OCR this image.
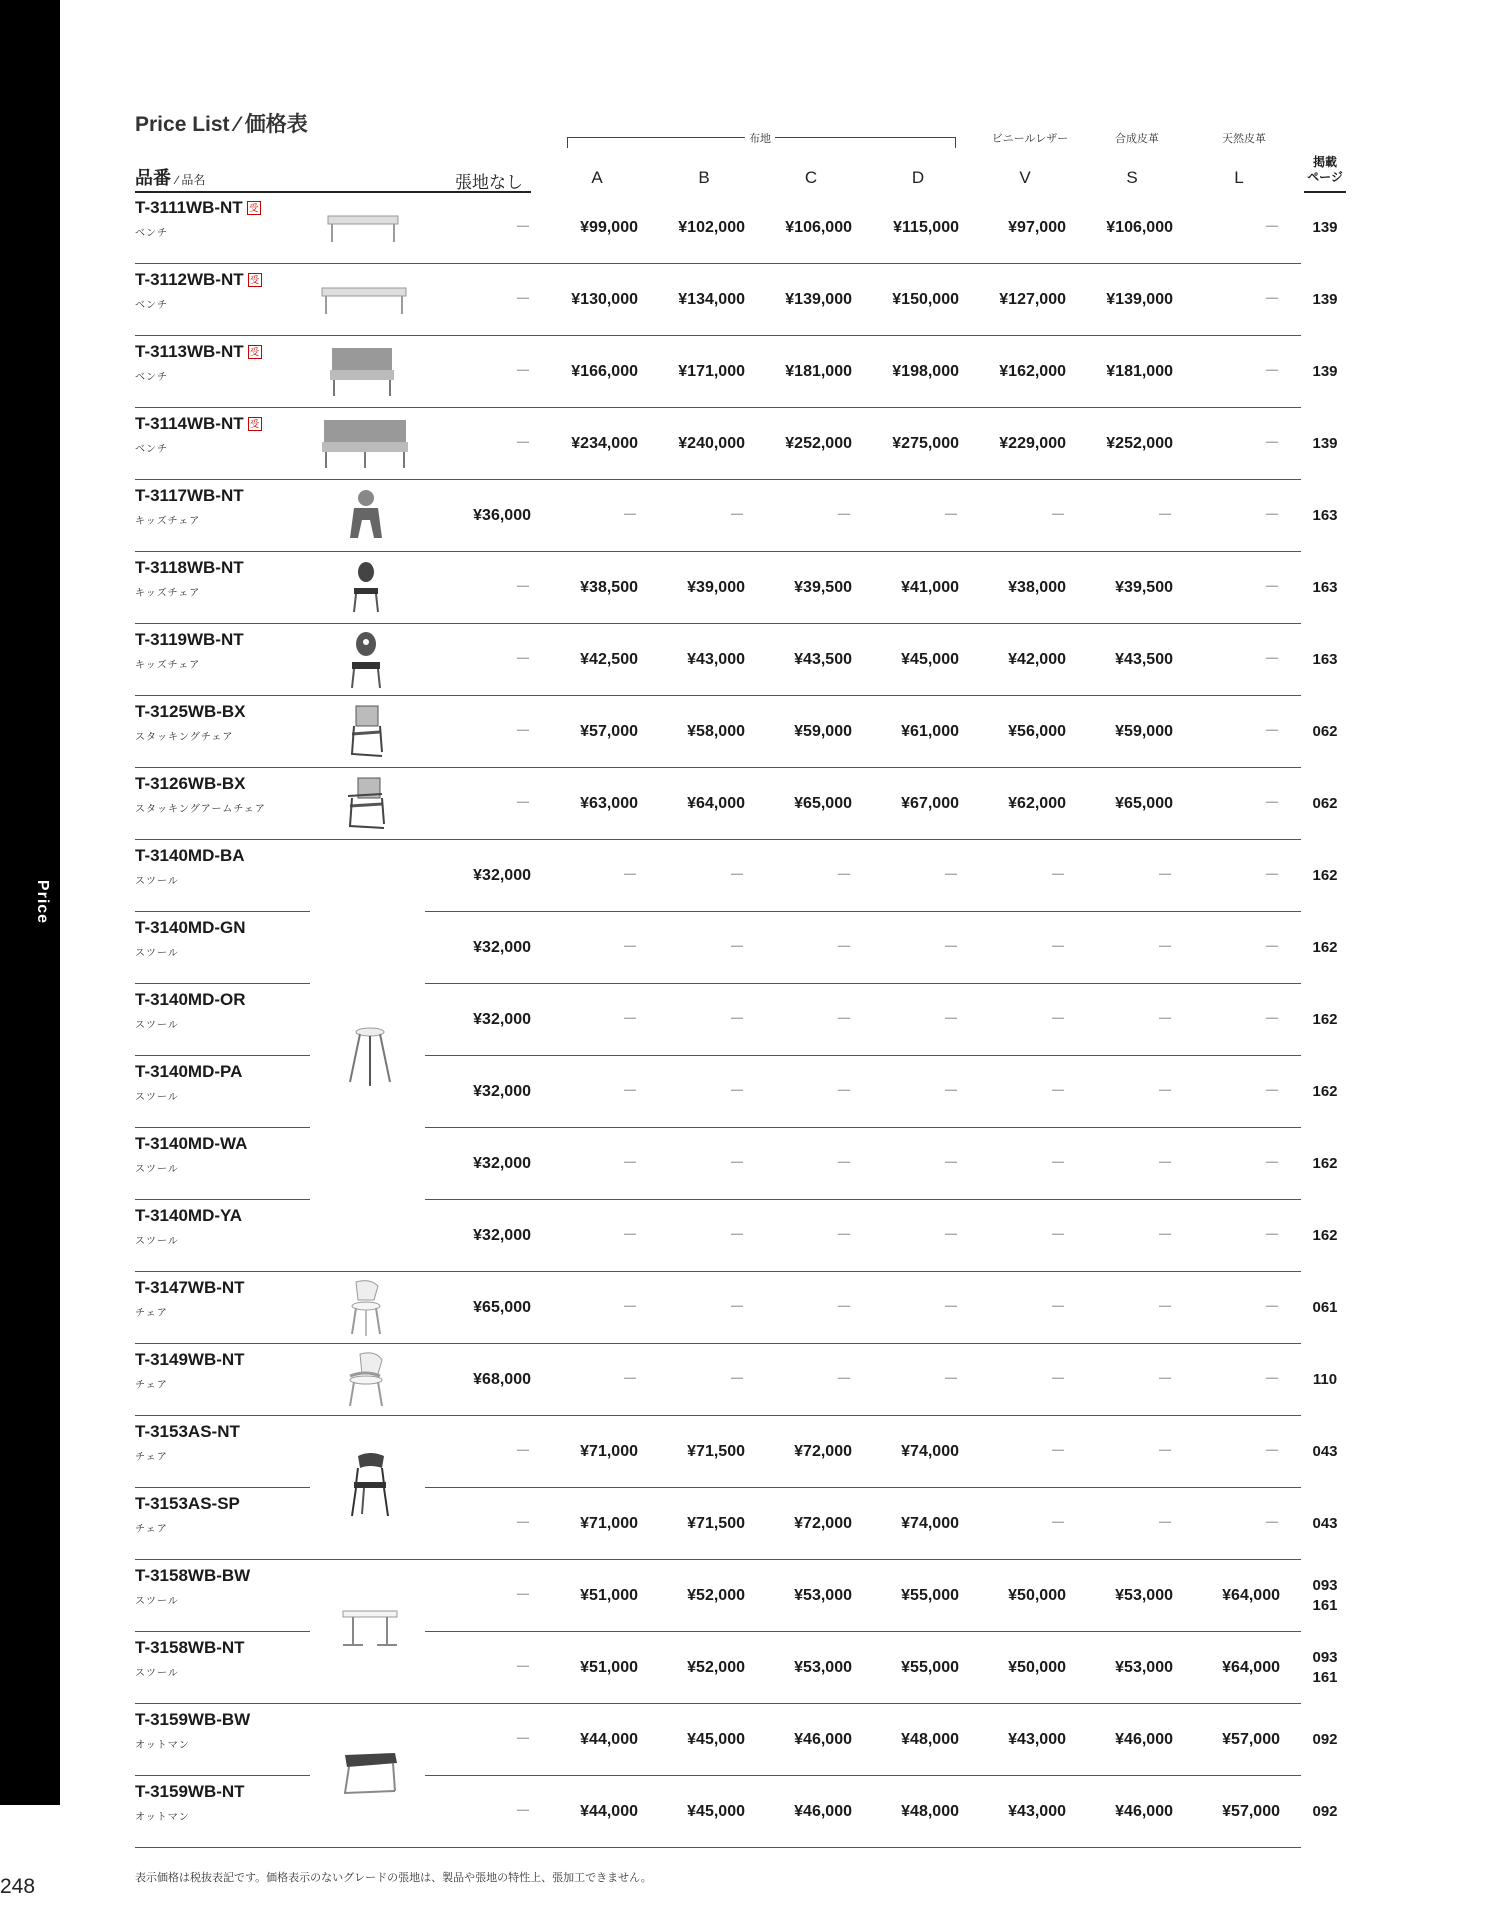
Price
248
Price List ∕ 価格表
布地	ビニールレザー	合成皮革	天然皮革
品番 ∕ 品名	張地なし	A	B	C	D	V	S	L
掲載
ページ
T-3111WB-NT 受
ベンチ	－	¥99,000	¥102,000	¥106,000	¥115,000	¥97,000	¥106,000	－	139
T-3112WB-NT 受
ベンチ	－	¥130,000	¥134,000	¥139,000	¥150,000	¥127,000	¥139,000	－	139
T-3113WB-NT 受
ベンチ	－	¥166,000	¥171,000	¥181,000	¥198,000	¥162,000	¥181,000	－	139
T-3114WB-NT 受
ベンチ	－	¥234,000	¥240,000	¥252,000	¥275,000	¥229,000	¥252,000	－	139
T-3117WB-NT
キッズチェア	¥36,000	－	－	－	－	－	－	－	163
T-3118WB-NT
キッズチェア	－	¥38,500	¥39,000	¥39,500	¥41,000	¥38,000	¥39,500	－	163
T-3119WB-NT
キッズチェア	－	¥42,500	¥43,000	¥43,500	¥45,000	¥42,000	¥43,500	－	163
T-3125WB-BX
スタッキングチェア	－	¥57,000	¥58,000	¥59,000	¥61,000	¥56,000	¥59,000	－	062
T-3126WB-BX
スタッキングアームチェア	－	¥63,000	¥64,000	¥65,000	¥67,000	¥62,000	¥65,000	－	062
T-3140MD-BA
スツール	¥32,000	－	－	－	－	－	－	－	162
T-3140MD-GN
スツール	¥32,000	－	－	－	－	－	－	－	162
T-3140MD-OR
スツール	¥32,000	－	－	－	－	－	－	－	162
T-3140MD-PA
スツール	¥32,000	－	－	－	－	－	－	－	162
T-3140MD-WA
スツール	¥32,000	－	－	－	－	－	－	－	162
T-3140MD-YA
スツール	¥32,000	－	－	－	－	－	－	－	162
T-3147WB-NT
チェア	¥65,000	－	－	－	－	－	－	－	061
T-3149WB-NT
チェア	¥68,000	－	－	－	－	－	－	－	110
T-3153AS-NT
チェア	－	¥71,000	¥71,500	¥72,000	¥74,000	－	－	－	043
T-3153AS-SP
チェア	－	¥71,000	¥71,500	¥72,000	¥74,000	－	－	－	043
T-3158WB-BW
スツール	－	¥51,000	¥52,000	¥53,000	¥55,000	¥50,000	¥53,000	¥64,000
093
161
T-3158WB-NT
スツール	－	¥51,000	¥52,000	¥53,000	¥55,000	¥50,000	¥53,000	¥64,000
093
161
T-3159WB-BW
オットマン	－	¥44,000	¥45,000	¥46,000	¥48,000	¥43,000	¥46,000	¥57,000	092
T-3159WB-NT
オットマン	－	¥44,000	¥45,000	¥46,000	¥48,000	¥43,000	¥46,000	¥57,000	092
表示価格は税抜表記です。価格表示のないグレードの張地は、製品や張地の特性上、張加工できません。
